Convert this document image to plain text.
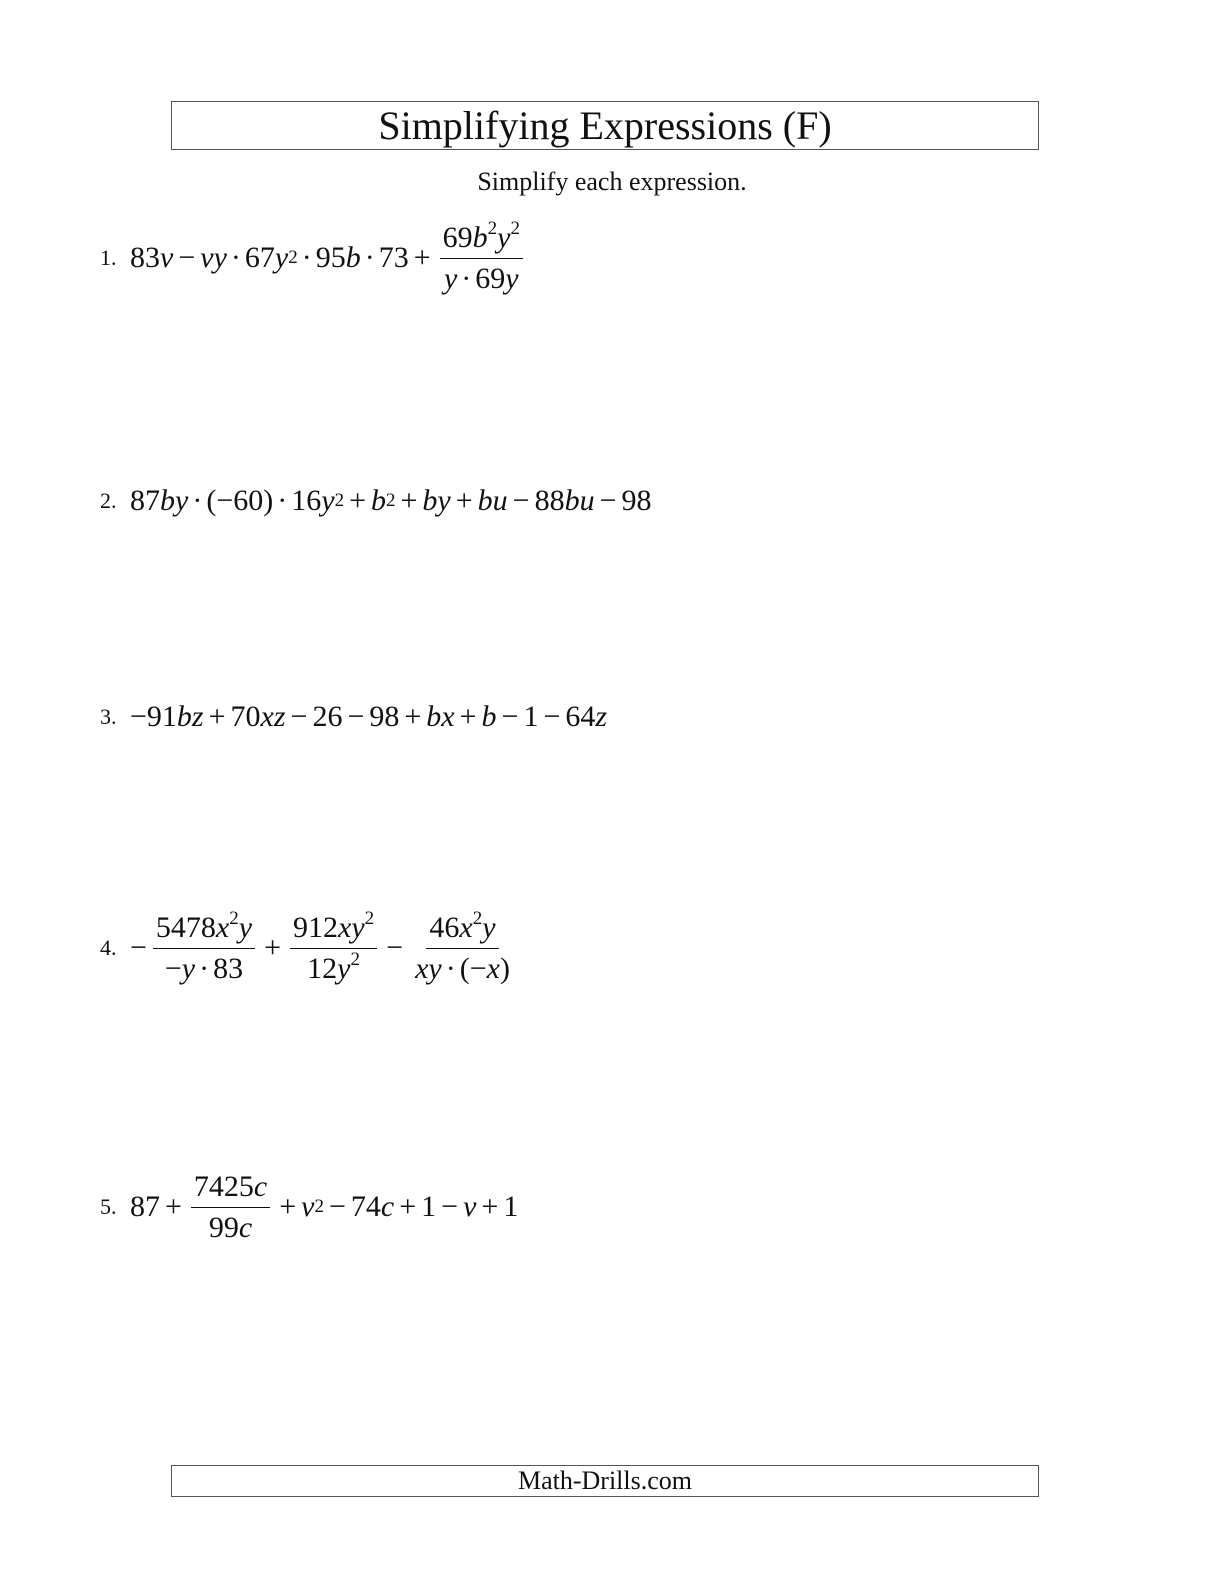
Simplifying Expressions (F)
Simplify each expression.
1. 83 v − vy · 67 y 2 · 95 $b \cdot 73 + \frac{69b^2y^2}{y \cdot 69y}$
2. 87 by · (−60) · 16 y 2 + b 2 + by + bu − 88 bu − 98
3. −91 bz + 70 xz − 26 − 98 + bx + b − 1 − 64 z
4. − $\frac{5478x^2y}{-y \cdot 83} + \frac{912xy^2}{12y^2} - \frac{46x^2y}{xy \cdot (-x)}$
5. $87 + \frac{7425c}{99c} + v$ 2 − 74 c + 1 − v + 1
Math-Drills.com
